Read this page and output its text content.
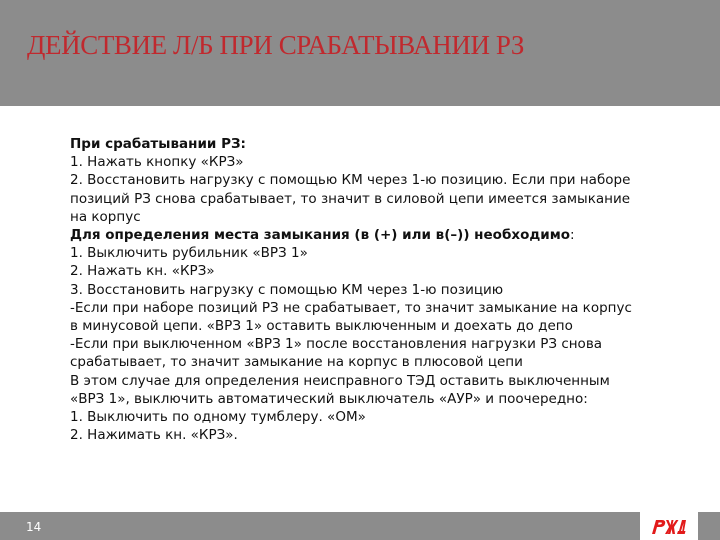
ДЕЙСТВИЕ Л/Б ПРИ СРАБАТЫВАНИИ РЗ
При срабатывании РЗ:
1. Нажать кнопку «КРЗ»
2. Восстановить нагрузку с помощью КМ через 1-ю позицию. Если при наборе
позиций РЗ снова срабатывает, то значит в силовой цепи имеется замыкание
на корпус
Для определения места замыкания (в (+) или в(–)) необходимо:
1. Выключить рубильник «ВРЗ 1»
2. Нажать кн. «КРЗ»
3. Восстановить нагрузку с помощью КМ через 1-ю позицию
-Если при наборе позиций РЗ не срабатывает, то значит замыкание на корпус
в минусовой цепи. «ВРЗ 1» оставить выключенным и доехать до депо
-Если при выключенном «ВРЗ 1» после восстановления нагрузки РЗ снова
срабатывает, то значит замыкание на корпус в плюсовой цепи
В этом случае для определения неисправного ТЭД оставить выключенным
«ВРЗ 1», выключить автоматический выключатель «АУР» и поочередно:
1. Выключить по одному тумблеру. «ОМ»
2. Нажимать кн. «КРЗ».
14
